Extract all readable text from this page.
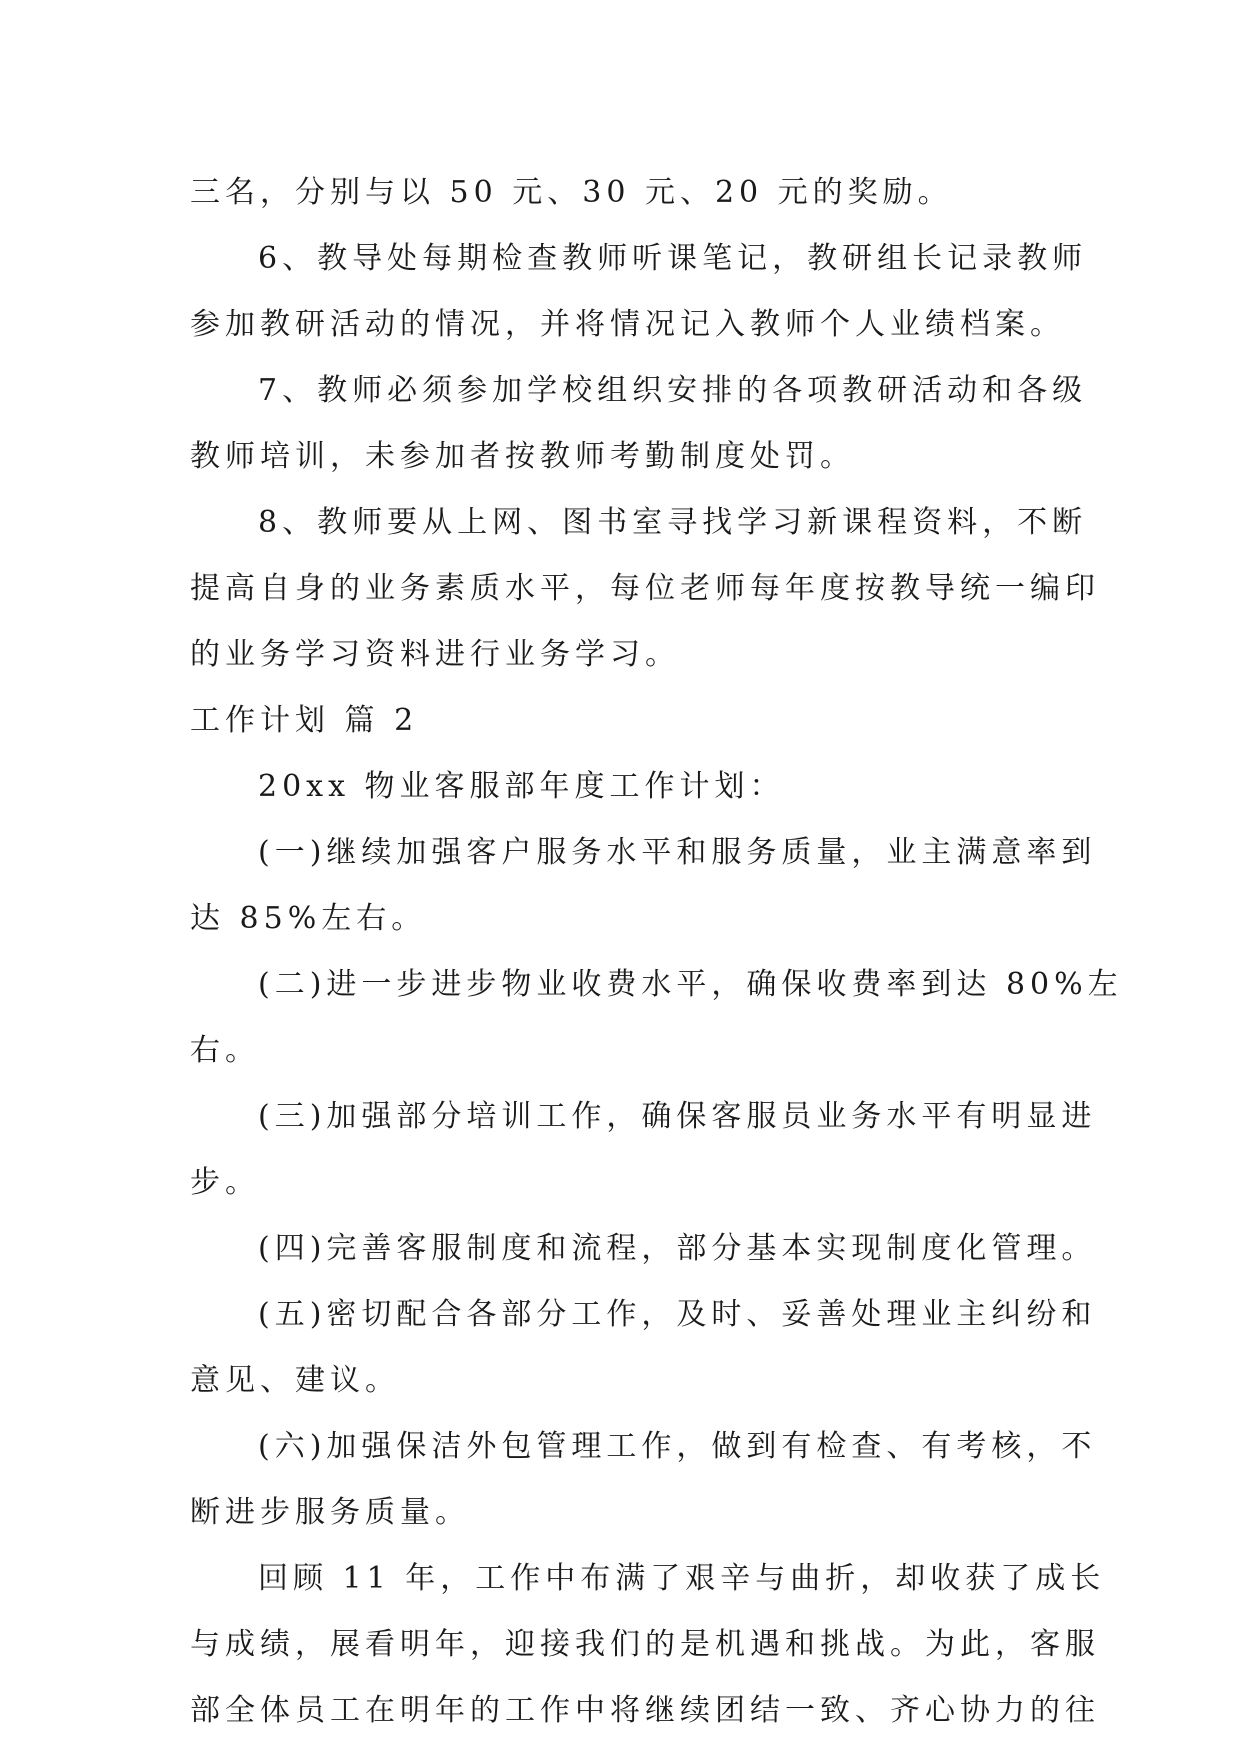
三名，分别与以 50 元、30 元、20 元的奖励。
6、教导处每期检查教师听课笔记，教研组长记录教师
参加教研活动的情况，并将情况记入教师个人业绩档案。
7、教师必须参加学校组织安排的各项教研活动和各级
教师培训，未参加者按教师考勤制度处罚。
8、教师要从上网、图书室寻找学习新课程资料，不断
提高自身的业务素质水平，每位老师每年度按教导统一编印
的业务学习资料进行业务学习。
工作计划 篇 2
20xx 物业客服部年度工作计划：
(一)继续加强客户服务水平和服务质量，业主满意率到
达 85%左右。
(二)进一步进步物业收费水平，确保收费率到达 80%左
右。
(三)加强部分培训工作，确保客服员业务水平有明显进
步。
(四)完善客服制度和流程，部分基本实现制度化管理。
(五)密切配合各部分工作，及时、妥善处理业主纠纷和
意见、建议。
(六)加强保洁外包管理工作，做到有检查、有考核，不
断进步服务质量。
回顾 11 年，工作中布满了艰辛与曲折，却收获了成长
与成绩，展看明年，迎接我们的是机遇和挑战。为此，客服
部全体员工在明年的工作中将继续团结一致、齐心协力的往
